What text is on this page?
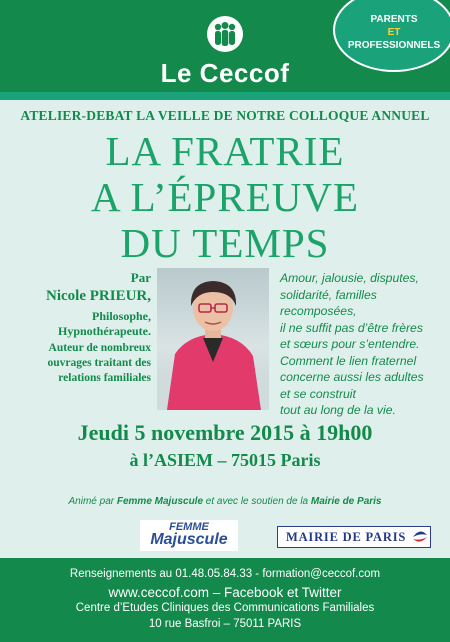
Le Ceccof
PARENTS
ET
PROFESSIONNELS
ATELIER-DEBAT LA VEILLE DE NOTRE COLLOQUE ANNUEL
LA FRATRIE
A L’ÉPREUVE
DU TEMPS
Par
Nicole PRIEUR,
Philosophe,
Hypnothérapeute.
Auteur de nombreux
ouvrages traitant des
relations familiales
Amour, jalousie, disputes,
solidarité, familles
recomposées,
il ne suffit pas d’être frères
et sœurs pour s’entendre.
Comment le lien fraternel
concerne aussi les adultes
et se construit
tout au long de la vie.
Jeudi 5 novembre 2015 à 19h00
à l’ASIEM – 75015 Paris
Animé par Femme Majuscule et avec le soutien de la Mairie de Paris
FEMME
Majuscule	MAIRIE DE PARIS
Renseignements au 01.48.05.84.33 - formation@ceccof.com
www.ceccof.com – Facebook et Twitter
Centre d’Etudes Cliniques des Communications Familiales
10 rue Basfroi – 75011 PARIS
